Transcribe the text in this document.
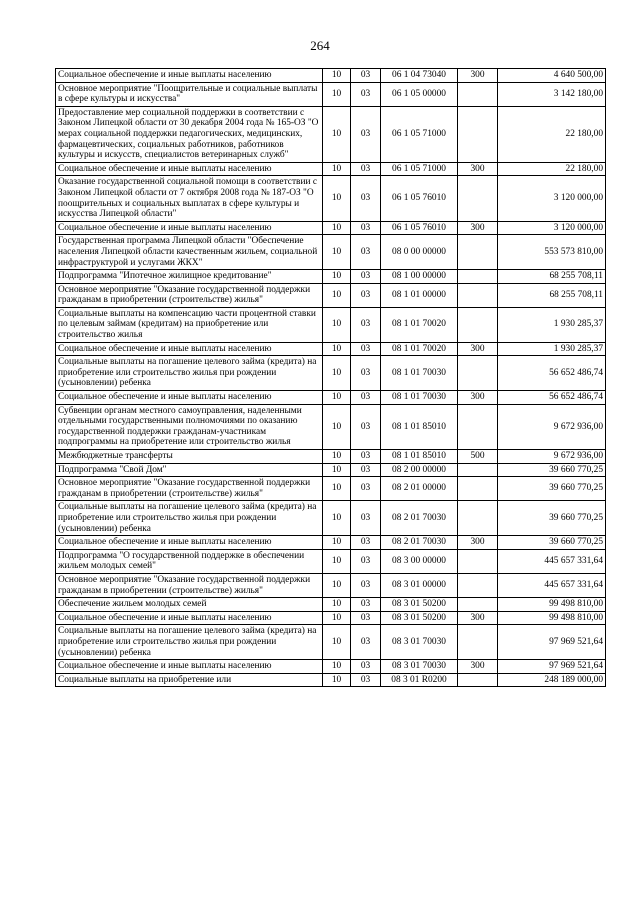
264
Социальное обеспечение и иные выплаты населению	10	03	06 1 04 73040	300	4 640 500,00
Основное мероприятие "Поощрительные и социальные выплаты в сфере культуры и искусства"	10	03	06 1 05 00000		3 142 180,00
Предоставление мер социальной поддержки в соответствии с Законом Липецкой области от 30 декабря 2004 года № 165-ОЗ "О мерах социальной поддержки педагогических, медицинских, фармацевтических, социальных работников, работников культуры и искусств, специалистов ветеринарных служб"	10	03	06 1 05 71000		22 180,00
Социальное обеспечение и иные выплаты населению	10	03	06 1 05 71000	300	22 180,00
Оказание государственной социальной помощи в соответствии с Законом Липецкой области от 7 октября 2008 года № 187-ОЗ "О поощрительных и социальных выплатах в сфере культуры и искусства Липецкой области"	10	03	06 1 05 76010		3 120 000,00
Социальное обеспечение и иные выплаты населению	10	03	06 1 05 76010	300	3 120 000,00
Государственная программа Липецкой области "Обеспечение населения Липецкой области качественным жильем, социальной инфраструктурой и услугами ЖКХ"	10	03	08 0 00 00000		553 573 810,00
Подпрограмма "Ипотечное жилищное кредитование"	10	03	08 1 00 00000		68 255 708,11
Основное мероприятие "Оказание государственной поддержки гражданам в приобретении (строительстве) жилья"	10	03	08 1 01 00000		68 255 708,11
Социальные выплаты на компенсацию части процентной ставки по целевым займам (кредитам) на приобретение или строительство жилья	10	03	08 1 01 70020		1 930 285,37
Социальное обеспечение и иные выплаты населению	10	03	08 1 01 70020	300	1 930 285,37
Социальные выплаты на погашение целевого займа (кредита) на приобретение или строительство жилья при рождении (усыновлении) ребенка	10	03	08 1 01 70030		56 652 486,74
Социальное обеспечение и иные выплаты населению	10	03	08 1 01 70030	300	56 652 486,74
Субвенции органам местного самоуправления, наделенными отдельными государственными полномочиями по оказанию государственной поддержки гражданам-участникам подпрограммы на приобретение или строительство жилья	10	03	08 1 01 85010		9 672 936,00
Межбюджетные трансферты	10	03	08 1 01 85010	500	9 672 936,00
Подпрограмма "Свой Дом"	10	03	08 2 00 00000		39 660 770,25
Основное мероприятие "Оказание государственной поддержки гражданам в приобретении (строительстве) жилья"	10	03	08 2 01 00000		39 660 770,25
Социальные выплаты на погашение целевого займа (кредита) на приобретение или строительство жилья при рождении (усыновлении) ребенка	10	03	08 2 01 70030		39 660 770,25
Социальное обеспечение и иные выплаты населению	10	03	08 2 01 70030	300	39 660 770,25
Подпрограмма "О государственной поддержке в обеспечении жильем молодых семей"	10	03	08 3 00 00000		445 657 331,64
Основное мероприятие "Оказание государственной поддержки гражданам в приобретении (строительстве) жилья"	10	03	08 3 01 00000		445 657 331,64
Обеспечение жильем молодых семей	10	03	08 3 01 50200		99 498 810,00
Социальное обеспечение и иные выплаты населению	10	03	08 3 01 50200	300	99 498 810,00
Социальные выплаты на погашение целевого займа (кредита) на приобретение или строительство жилья при рождении (усыновлении) ребенка	10	03	08 3 01 70030		97 969 521,64
Социальное обеспечение и иные выплаты населению	10	03	08 3 01 70030	300	97 969 521,64
Социальные выплаты на приобретение или	10	03	08 3 01 R0200		248 189 000,00
